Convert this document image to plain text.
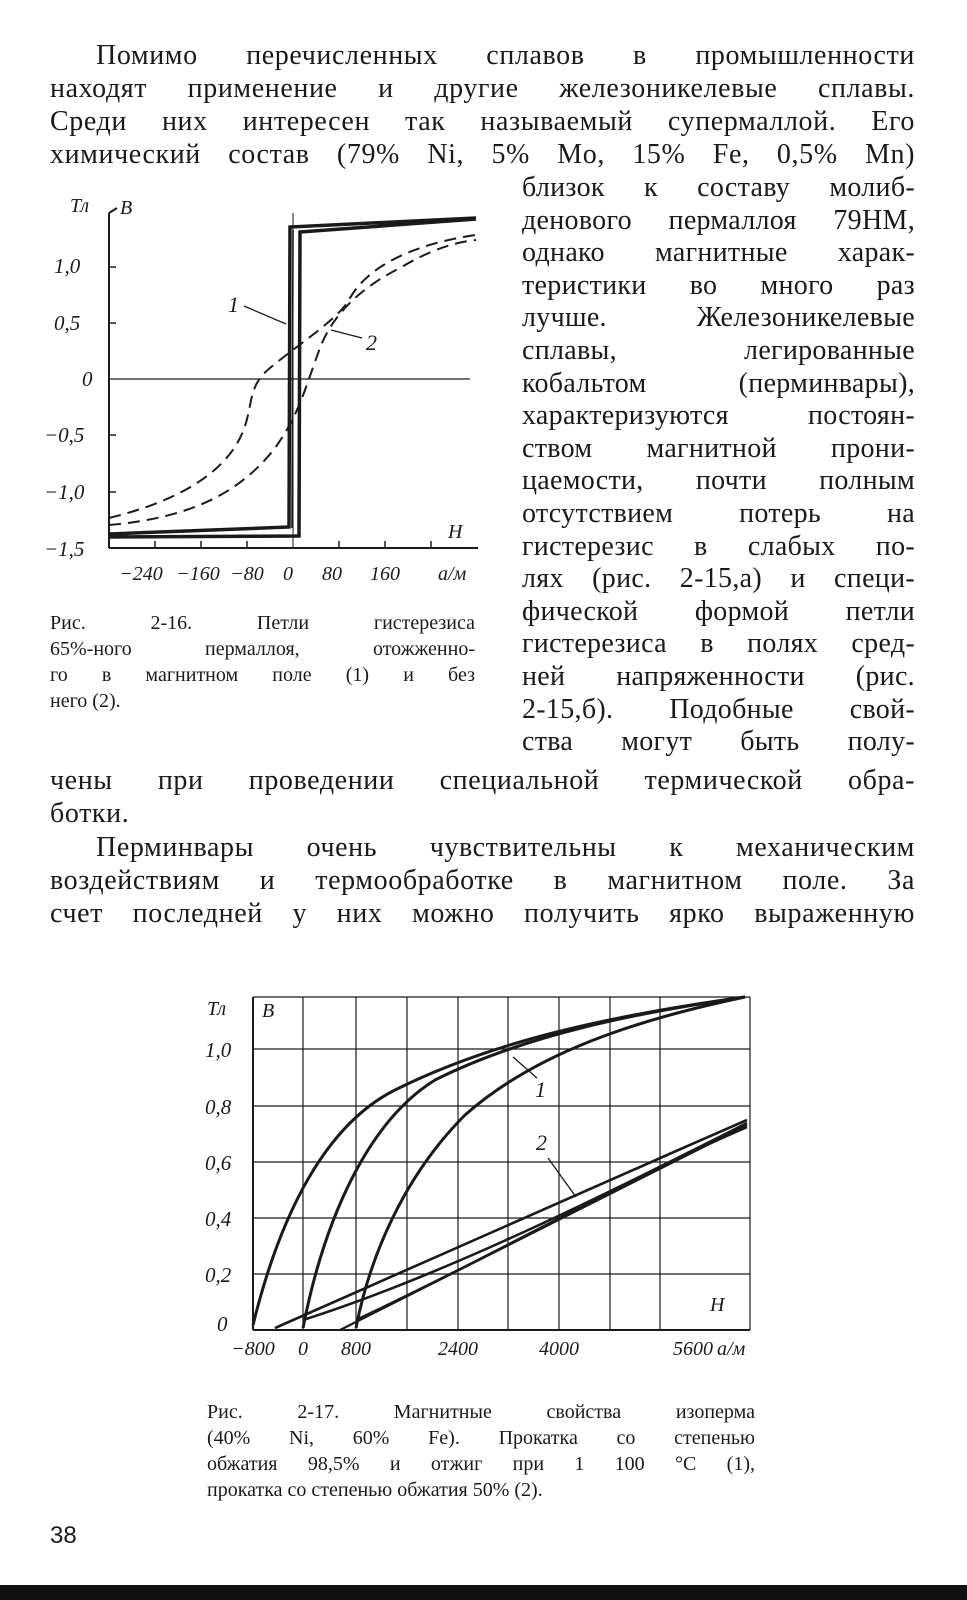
Помимо перечисленных сплавов в промышленности
находят применение и другие железоникелевые сплавы.
Среди них интересен так называемый супермаллой. Его
химический состав (79% Ni, 5% Mo, 15% Fe, 0,5% Mn)
близок к составу молиб-
денового пермаллоя 79НМ,
однако магнитные харак-
теристики во много раз
лучше. Железоникелевые
сплавы, легированные
кобальтом (перминвары),
характеризуются постоян-
ством магнитной прони-
цаемости, почти полным
отсутствием потерь на
гистерезис в слабых по-
лях (рис. 2-15,а) и специ-
фической формой петли
гистерезиса в полях сред-
ней напряженности (рис.
2-15,б). Подобные свой-
ства могут быть полу-
чены при проведении специальной термической обра-
ботки.
Перминвары очень чувствительны к механическим
воздействиям и термообработке в магнитном поле. За
счет последней у них можно получить ярко выраженную
1,0
0,5
0
−0,5
−1,0
−1,5
Тл B
H
−240 −160 −80 0 80 160 а/м
1
2
Рис. 2-16. Петли гистерезиса
65%-ного пермаллоя, отожженно-
го в магнитном поле (1) и без
него (2).
1,0
0,8
0,6
0,4
0,2
0
Тл B
H
−800 0 800	2400	4000	5600 а/м
1
2
Рис. 2-17. Магнитные свойства изоперма
(40% Ni, 60% Fe). Прокатка со степенью
обжатия 98,5% и отжиг при 1 100 °С (1),
прокатка со степенью обжатия 50% (2).
38
